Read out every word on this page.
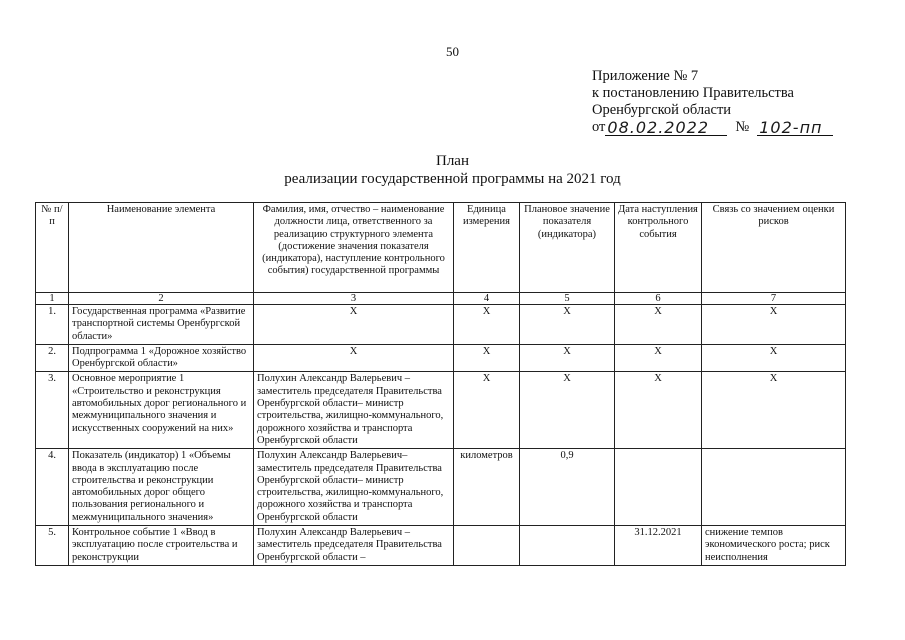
50
Приложение № 7
к постановлению Правительства
Оренбургской области
от 08.02.2022	№ 102-пп
План
реализации государственной программы на 2021 год
№ п/п	Наименование элемента	Фамилия, имя, отчество – наименование должности лица, ответственного за реализацию структурного элемента (достижение значения показателя (индикатора), наступление контрольного события) государственной программы	Единица измерения	Плановое значение показателя (индикатора)	Дата наступления контрольного события	Связь со значением оценки рисков
1	2	3	4	5	6	7
1.	Государственная программа «Развитие транспортной системы Оренбургской области»	Х	Х	Х	Х	Х
2.	Подпрограмма 1 «Дорожное хозяйство Оренбургской области»	Х	Х	Х	Х	Х
3.	Основное мероприятие 1 «Строительство и реконструкция автомобильных дорог регионального и межмуниципального значения и искусственных сооружений на них»	Полухин Александр Валерьевич – заместитель председателя Правительства Оренбургской области– министр строительства, жилищно-коммунального, дорожного хозяйства и транспорта Оренбургской области	Х	Х	Х	Х
4.	Показатель (индикатор) 1 «Объемы ввода в эксплуатацию после строительства и реконструкции автомобильных дорог общего пользования регионального и межмуниципального значения»	Полухин Александр Валерьевич– заместитель председателя Правительства Оренбургской области– министр строительства, жилищно-коммунального, дорожного хозяйства и транспорта Оренбургской области	километров	0,9		
5.	Контрольное событие 1 «Ввод в эксплуатацию после строительства и реконструкции	Полухин Александр Валерьевич – заместитель председателя Правительства Оренбургской области –			31.12.2021	снижение темпов экономического роста; риск неисполнения
